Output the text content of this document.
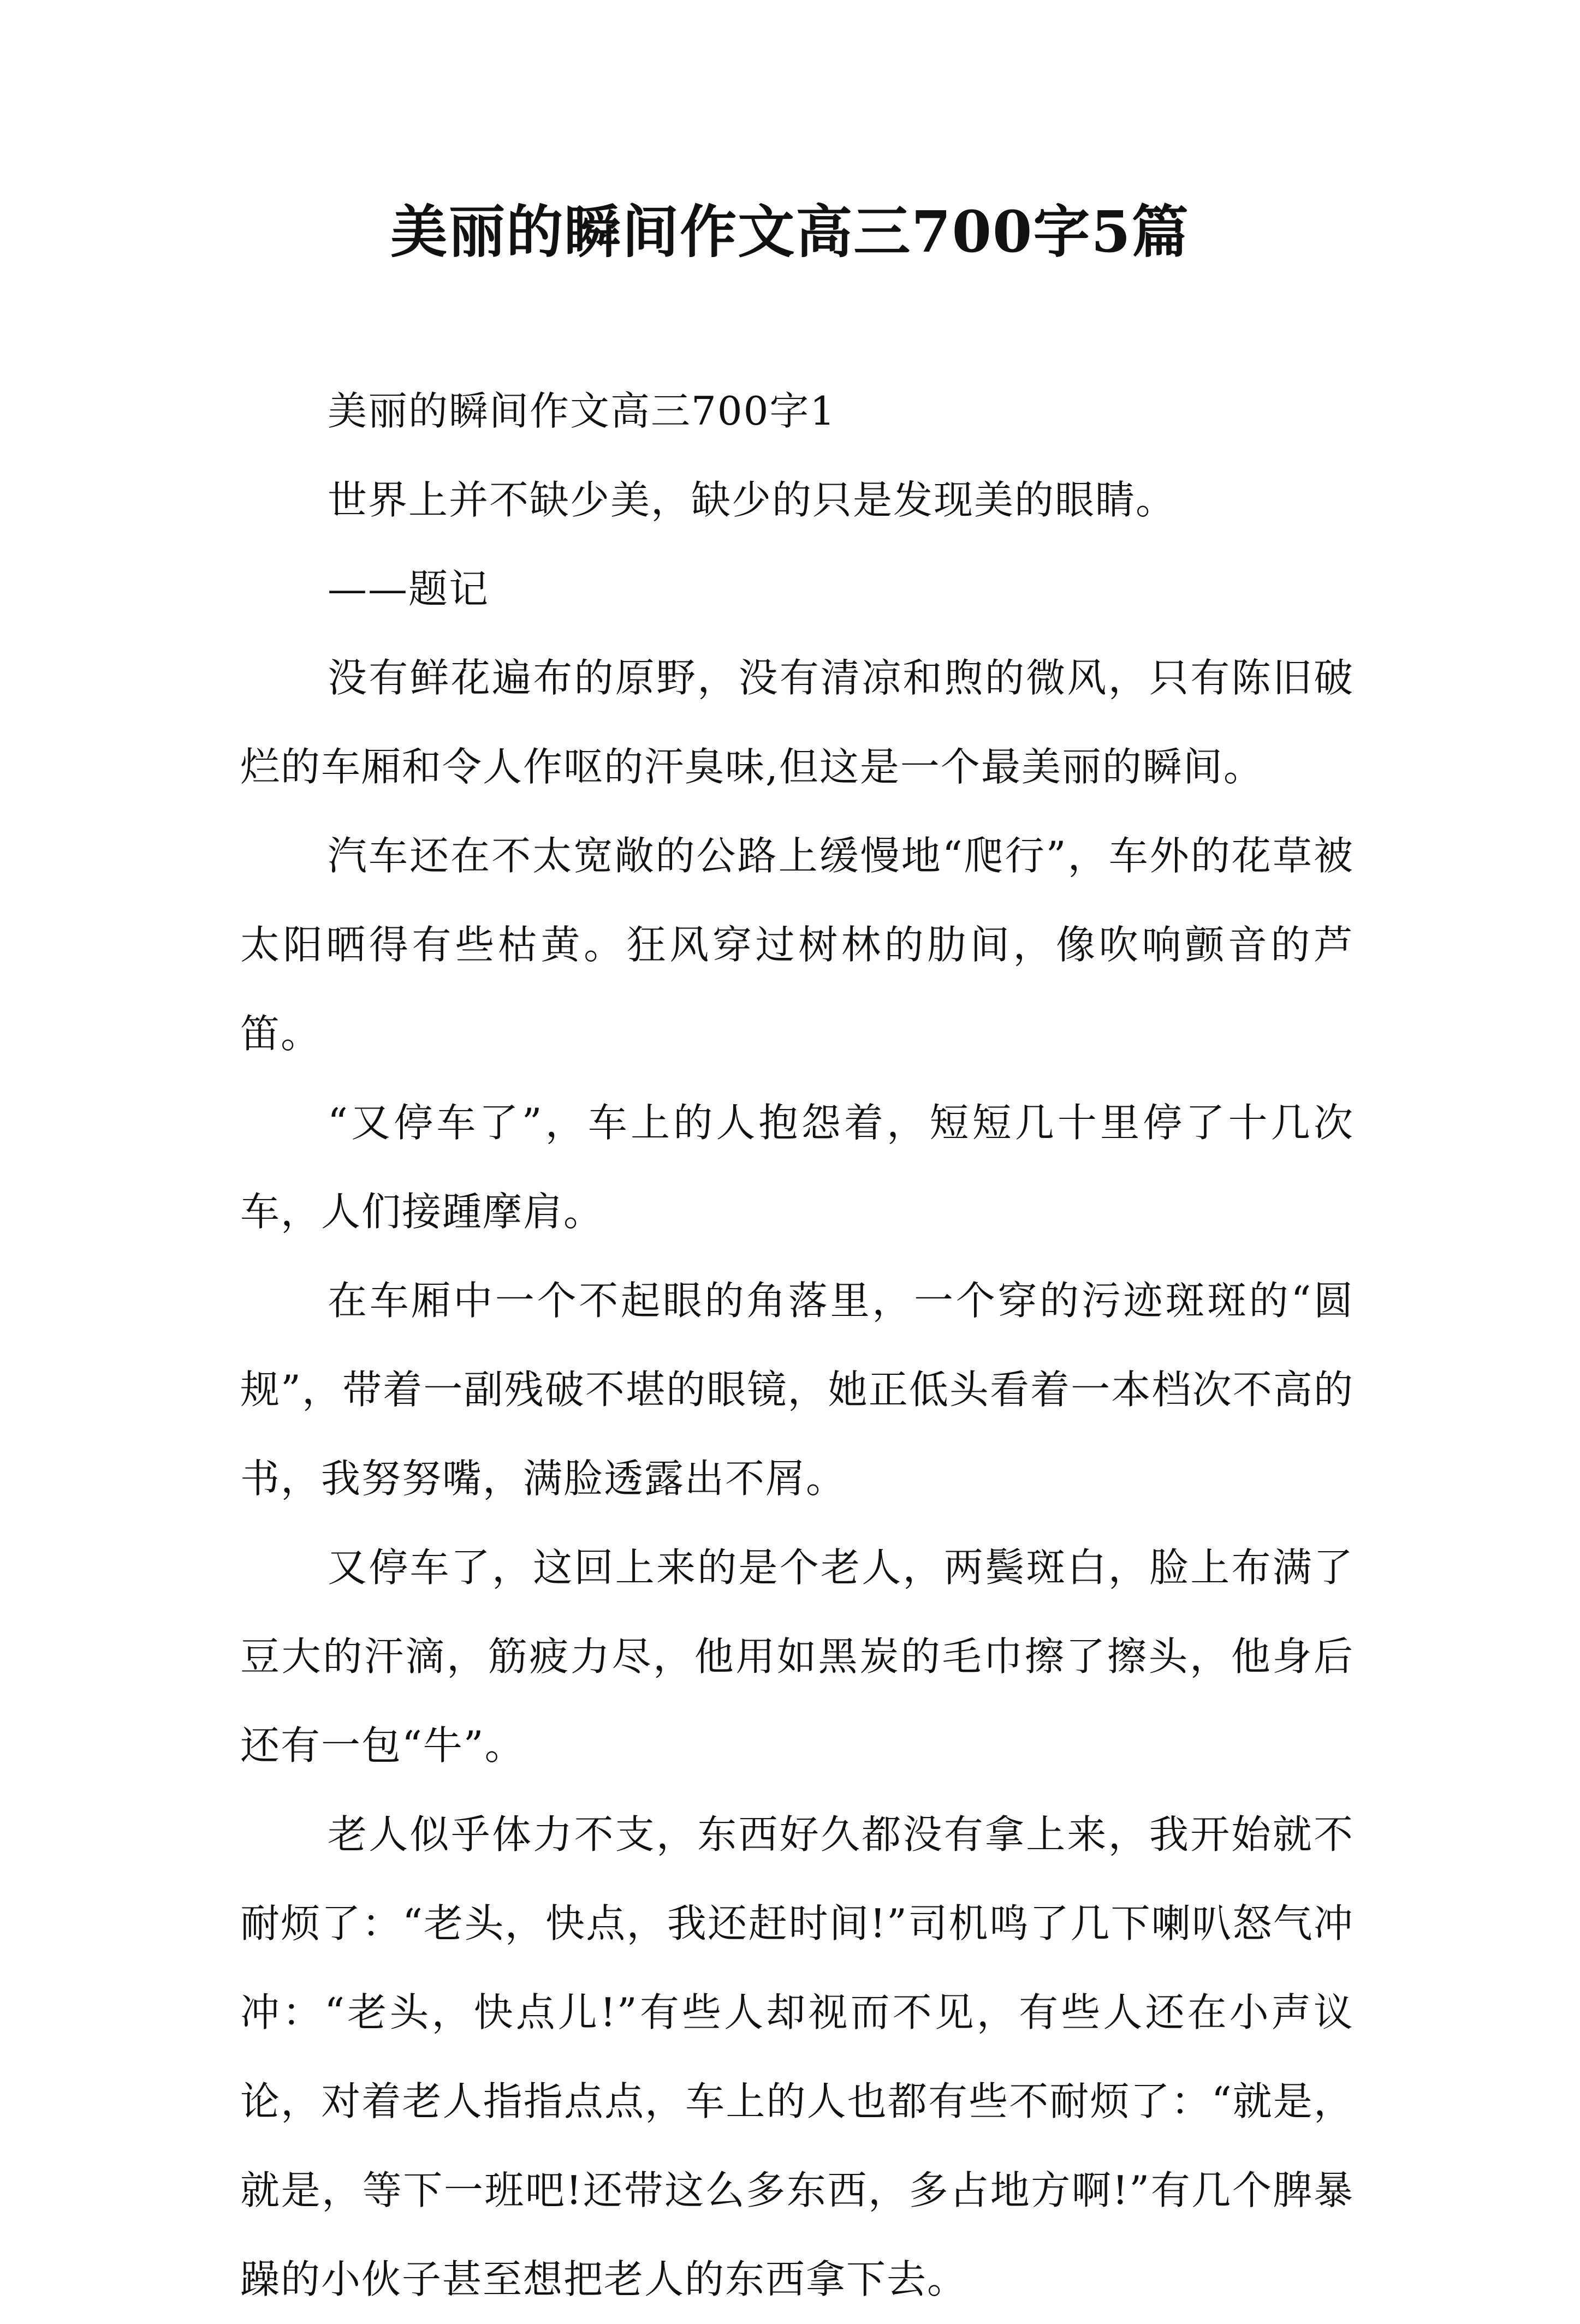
美丽的瞬间作文高三700字5篇

美丽的瞬间作文高三700字1

世界上并不缺少美，缺少的只是发现美的眼睛。

——题记

没有鲜花遍布的原野，没有清凉和煦的微风，只有陈旧破烂的车厢和令人作呕的汗臭味,但这是一个最美丽的瞬间。

汽车还在不太宽敞的公路上缓慢地“爬行”，车外的花草被太阳晒得有些枯黄。狂风穿过树林的肋间，像吹响颤音的芦笛。

“又停车了”，车上的人抱怨着，短短几十里停了十几次车，人们接踵摩肩。

在车厢中一个不起眼的角落里，一个穿的污迹斑斑的“圆规”，带着一副残破不堪的眼镜，她正低头看着一本档次不高的书，我努努嘴，满脸透露出不屑。

又停车了，这回上来的是个老人，两鬓斑白，脸上布满了豆大的汗滴，筋疲力尽，他用如黑炭的毛巾擦了擦头，他身后还有一包“牛”。

老人似乎体力不支，东西好久都没有拿上来，我开始就不耐烦了：“老头，快点，我还赶时间!”司机鸣了几下喇叭怒气冲冲：“老头，快点儿!”有些人却视而不见，有些人还在小声议论，对着老人指指点点，车上的人也都有些不耐烦了：“就是，就是，等下一班吧!还带这么多东西，多占地方啊!”有几个脾暴躁的小伙子甚至想把老人的东西拿下去。
